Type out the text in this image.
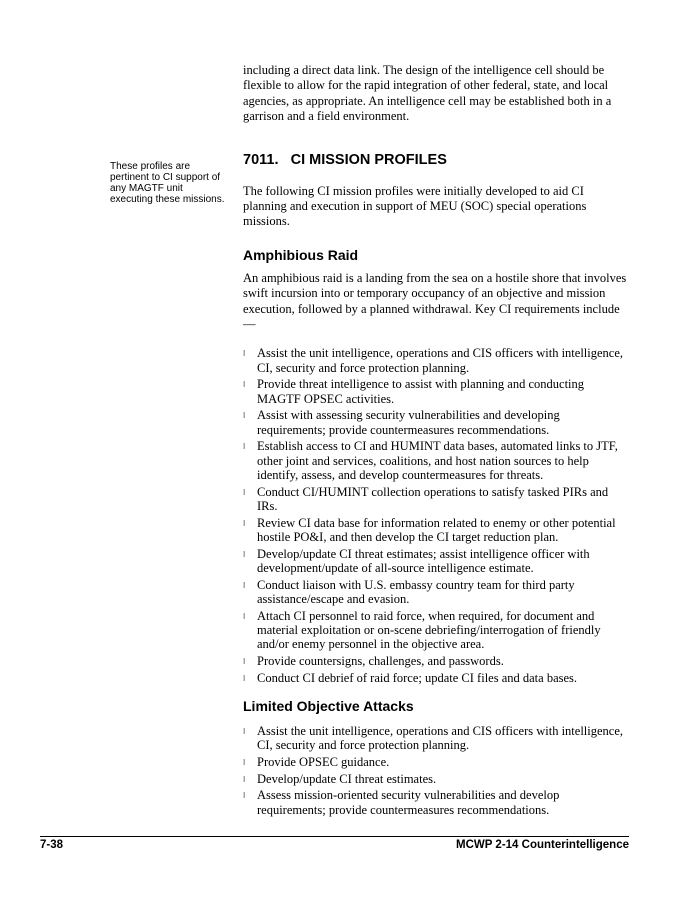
These profiles are pertinent to CI support of any MAGTF unit executing these missions.

including a direct data link. The design of the intelligence cell should be flexible to allow for the rapid integration of other federal, state, and local agencies, as appropriate. An intelligence cell may be established both in a garrison and a field environment.

7011. CI MISSION PROFILES

The following CI mission profiles were initially developed to aid CI planning and execution in support of MEU (SOC) special operations missions.

Amphibious Raid

An amphibious raid is a landing from the sea on a hostile shore that involves swift incursion into or temporary occupancy of an objective and mission execution, followed by a planned withdrawal. Key CI requirements include—

l Assist the unit intelligence, operations and CIS officers with intelligence, CI, security and force protection planning.
l Provide threat intelligence to assist with planning and conducting MAGTF OPSEC activities.
l Assist with assessing security vulnerabilities and developing requirements; provide countermeasures recommendations.
l Establish access to CI and HUMINT data bases, automated links to JTF, other joint and services, coalitions, and host nation sources to help identify, assess, and develop countermeasures for threats.
l Conduct CI/HUMINT collection operations to satisfy tasked PIRs and IRs.
l Review CI data base for information related to enemy or other potential hostile PO&I, and then develop the CI target reduction plan.
l Develop/update CI threat estimates; assist intelligence officer with development/update of all-source intelligence estimate.
l Conduct liaison with U.S. embassy country team for third party assistance/escape and evasion.
l Attach CI personnel to raid force, when required, for document and material exploitation or on-scene debriefing/interrogation of friendly and/or enemy personnel in the objective area.
l Provide countersigns, challenges, and passwords.
l Conduct CI debrief of raid force; update CI files and data bases.
Limited Objective Attacks
l Assist the unit intelligence, operations and CIS officers with intelligence, CI, security and force protection planning.
l Provide OPSEC guidance.
l Develop/update CI threat estimates.
l Assess mission-oriented security vulnerabilities and develop requirements; provide countermeasures recommendations.
7-38	MCWP 2-14 Counterintelligence
